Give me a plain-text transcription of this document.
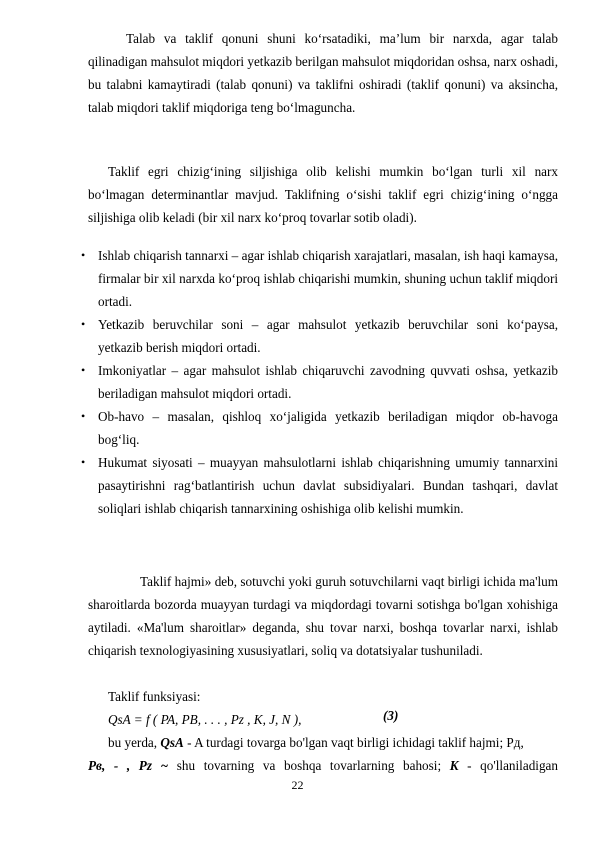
Talab va taklif qonuni shuni ko‘rsatadiki, ma’lum bir narxda, agar talab qilinadigan mahsulot miqdori yetkazib berilgan mahsulot miqdoridan oshsa, narx oshadi, bu talabni kamaytiradi (talab qonuni) va taklifni oshiradi (taklif qonuni) va aksincha, talab miqdori taklif miqdoriga teng bo‘lmaguncha.

Taklif egri chizig‘ining siljishiga olib kelishi mumkin bo‘lgan turli xil narx bo‘lmagan determinantlar mavjud. Taklifning o‘sishi taklif egri chizig‘ining o‘ngga siljishiga olib keladi (bir xil narx ko‘proq tovarlar sotib oladi).

• Ishlab chiqarish tannarxi – agar ishlab chiqarish xarajatlari, masalan, ish haqi kamaysa, firmalar bir xil narxda ko‘proq ishlab chiqarishi mumkin, shuning uchun taklif miqdori ortadi.
• Yetkazib beruvchilar soni – agar mahsulot yetkazib beruvchilar soni ko‘paysa, yetkazib berish miqdori ortadi.
• Imkoniyatlar – agar mahsulot ishlab chiqaruvchi zavodning quvvati oshsa, yetkazib beriladigan mahsulot miqdori ortadi.
• Ob-havo – masalan, qishloq xo‘jaligida yetkazib beriladigan miqdor ob-havoga bog‘liq.
• Hukumat siyosati – muayyan mahsulotlarni ishlab chiqarishning umumiy tannarxini pasaytirishni rag‘batlantirish uchun davlat subsidiyalari. Bundan tashqari, davlat soliqlari ishlab chiqarish tannarxining oshishiga olib kelishi mumkin.

Taklif hajmi» deb, sotuvchi yoki guruh sotuvchilarni vaqt birligi ichida ma'lum sharoitlarda bozorda muayyan turdagi va miqdordagi tovarni sotishga bo'lgan xohishiga aytiladi. «Ma'lum sharoitlar» deganda, shu tovar narxi, boshqa tovarlar narxi, ishlab chiqarish texnologiyasining xususiyatlari, soliq va dotatsiyalar tushuniladi.

Taklif funksiyasi:
QsA = f ( PA, PB, . . . , Pz , K, J, N ),	(3)
bu yerda, QsA - A turdagi tovarga bo'lgan vaqt birligi ichidagi taklif hajmi; Pд,
Pв, - , Pz ~ shu tovarning va boshqa tovarlarning bahosi; K - qo'llaniladigan
22
